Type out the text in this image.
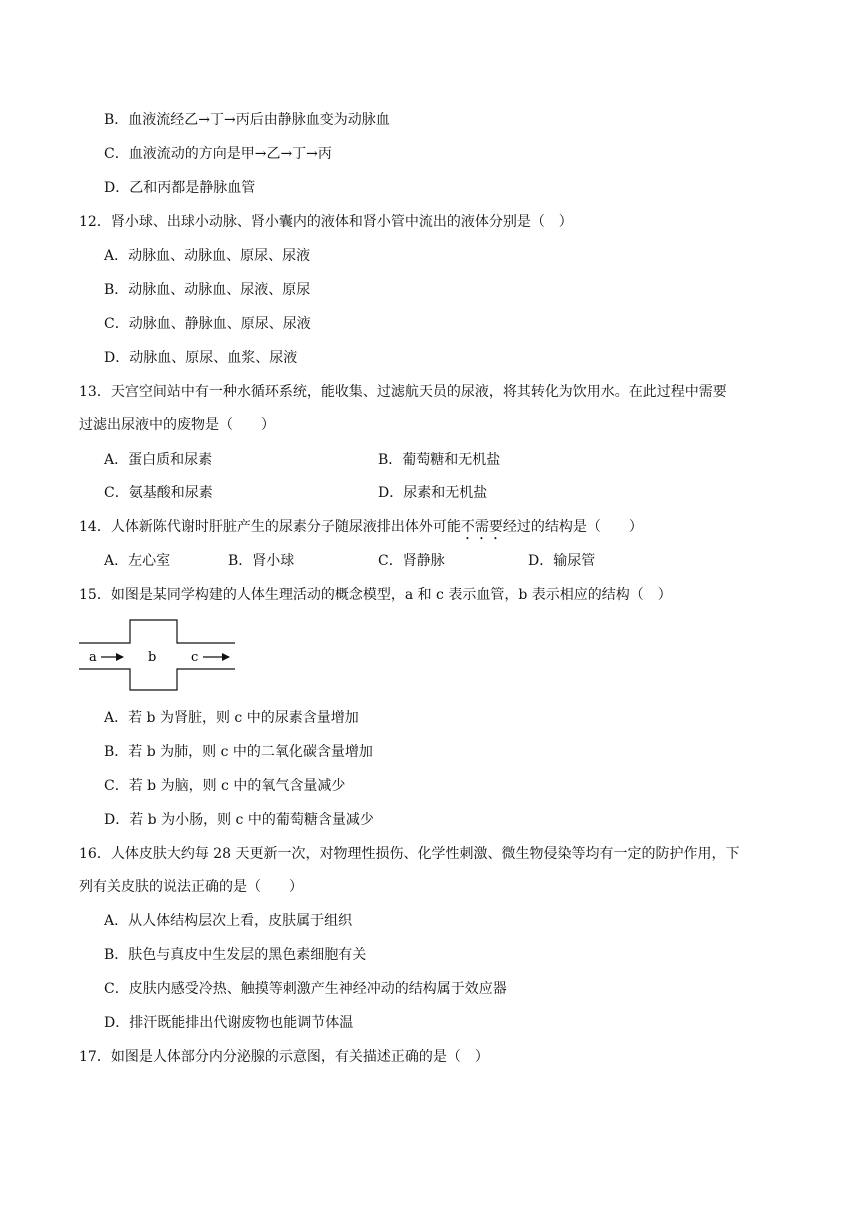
B．血液流经乙→丁→丙后由静脉血变为动脉血
C．血液流动的方向是甲→乙→丁→丙
D．乙和丙都是静脉血管
12．肾小球、出球小动脉、肾小囊内的液体和肾小管中流出的液体分别是（　）
A．动脉血、动脉血、原尿、尿液
B．动脉血、动脉血、尿液、原尿
C．动脉血、静脉血、原尿、尿液
D．动脉血、原尿、血浆、尿液
13．天宫空间站中有一种水循环系统，能收集、过滤航天员的尿液，将其转化为饮用水。在此过程中需要
过滤出尿液中的废物是（　　）
A．蛋白质和尿素	B．葡萄糖和无机盐
C．氨基酸和尿素	D．尿素和无机盐
14．人体新陈代谢时肝脏产生的尿素分子随尿液排出体外可能不需要经过的结构是（　　）
A．左心室	B．肾小球	C．肾静脉	D．输尿管
15．如图是某同学构建的人体生理活动的概念模型，a 和 c 表示血管，b 表示相应的结构（　）
a	b	c
A．若 b 为肾脏，则 c 中的尿素含量增加
B．若 b 为肺，则 c 中的二氧化碳含量增加
C．若 b 为脑，则 c 中的氧气含量减少
D．若 b 为小肠，则 c 中的葡萄糖含量减少
16．人体皮肤大约每 28 天更新一次，对物理性损伤、化学性刺激、微生物侵染等均有一定的防护作用，下
列有关皮肤的说法正确的是（　　）
A．从人体结构层次上看，皮肤属于组织
B．肤色与真皮中生发层的黑色素细胞有关
C．皮肤内感受冷热、触摸等刺激产生神经冲动的结构属于效应器
D．排汗既能排出代谢废物也能调节体温
17．如图是人体部分内分泌腺的示意图，有关描述正确的是（　）
